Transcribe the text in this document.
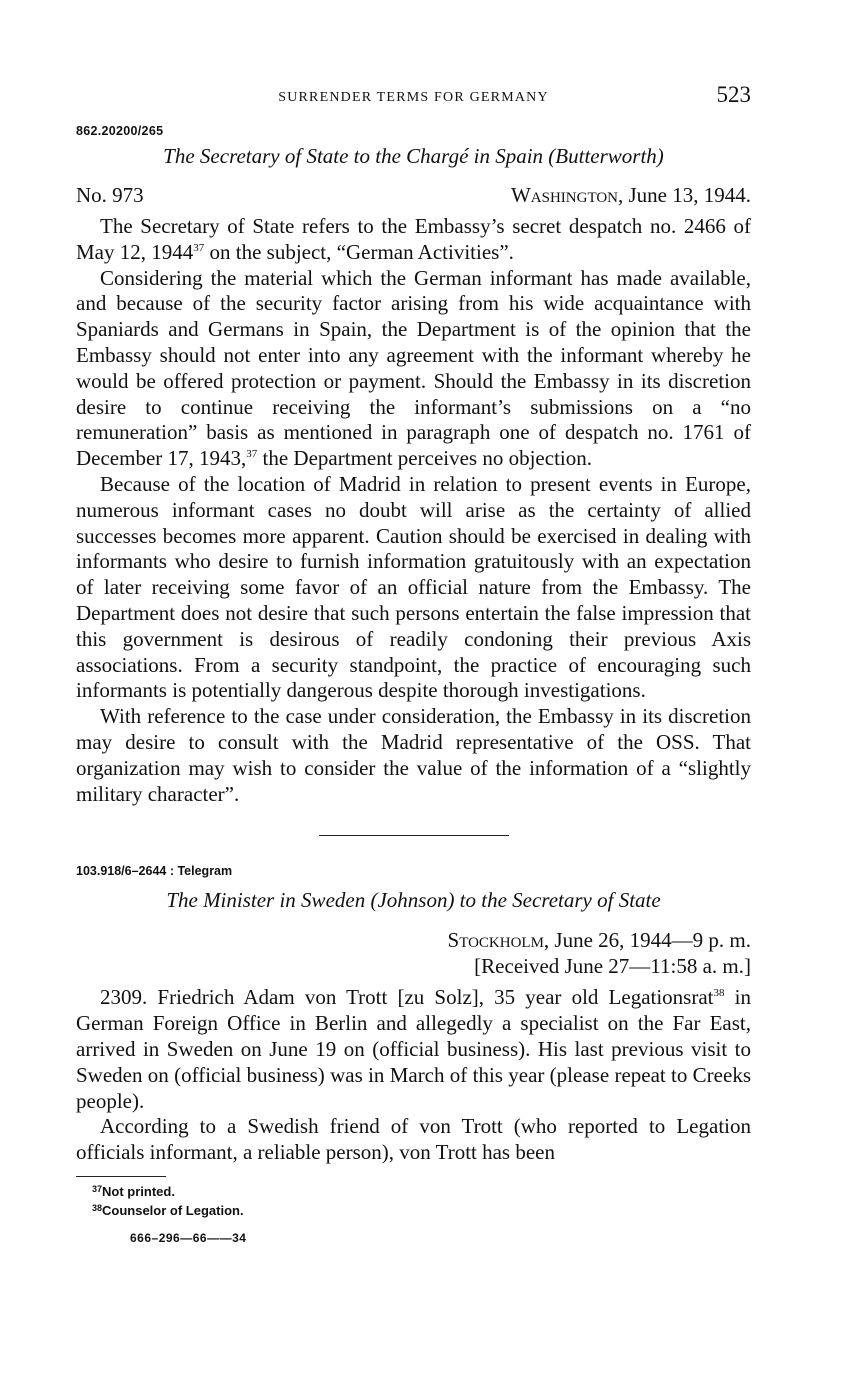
SURRENDER TERMS FOR GERMANY	523
862.20200/265
The Secretary of State to the Chargé in Spain (Butterworth)
No. 973	Washington, June 13, 1944.

The Secretary of State refers to the Embassy’s secret despatch no. 2466 of May 12, 1944$^{37}$ on the subject, “German Activities”.

Considering the material which the German informant has made available, and because of the security factor arising from his wide acquaintance with Spaniards and Germans in Spain, the Department is of the opinion that the Embassy should not enter into any agreement with the informant whereby he would be offered protection or payment. Should the Embassy in its discretion desire to continue receiving the informant’s submissions on a “no remuneration” basis as mentioned in paragraph one of despatch no. 1761 of December 17, 1943,37 the Department perceives no objection.

Because of the location of Madrid in relation to present events in Europe, numerous informant cases no doubt will arise as the certainty of allied successes becomes more apparent. Caution should be exercised in dealing with informants who desire to furnish information gratuitously with an expectation of later receiving some favor of an official nature from the Embassy. The Department does not desire that such persons entertain the false impression that this government is desirous of readily condoning their previous Axis associations. From a security standpoint, the practice of encouraging such informants is potentially dangerous despite thorough investigations.

With reference to the case under consideration, the Embassy in its discretion may desire to consult with the Madrid representative of the OSS. That organization may wish to consider the value of the information of a “slightly military character”.

103.918/6–2644 : Telegram
The Minister in Sweden (Johnson) to the Secretary of State
Stockholm, June 26, 1944—9 p. m.
[Received June 27—11:58 a. m.]

2309. Friedrich Adam von Trott [zu Solz], 35 year old Legationsrat$^{38}$ in German Foreign Office in Berlin and allegedly a specialist on the Far East, arrived in Sweden on June 19 on (official business). His last previous visit to Sweden on (official business) was in March of this year (please repeat to Creeks people).

According to a Swedish friend of von Trott (who reported to Legation officials informant, a reliable person), von Trott has been

$^{37}$Not printed.
$^{38}$Counselor of Legation.
666–296—66——34
